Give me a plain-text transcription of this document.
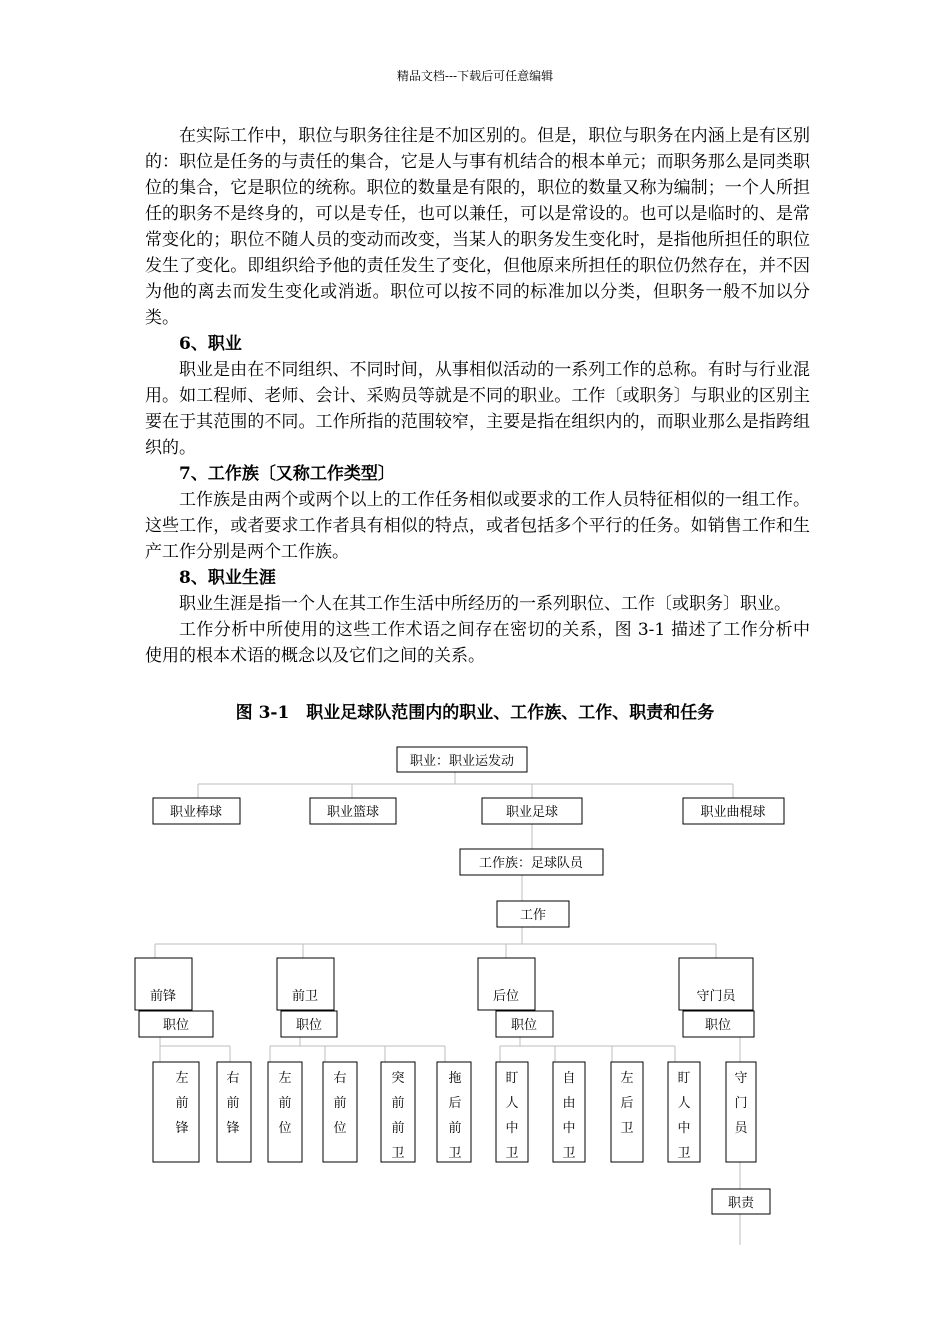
精品文档---下载后可任意编辑

在实际工作中，职位与职务往往是不加区别的。但是，职位与职务在内涵上是有区别的：职位是任务的与责任的集合，它是人与事有机结合的根本单元；而职务那么是同类职位的集合，它是职位的统称。职位的数量是有限的，职位的数量又称为编制；一个人所担任的职务不是终身的，可以是专任，也可以兼任，可以是常设的。也可以是临时的、是常常变化的；职位不随人员的变动而改变，当某人的职务发生变化时，是指他所担任的职位发生了变化。即组织给予他的责任发生了变化，但他原来所担任的职位仍然存在，并不因为他的离去而发生变化或消逝。职位可以按不同的标准加以分类，但职务一般不加以分类。

6、职业

职业是由在不同组织、不同时间，从事相似活动的一系列工作的总称。有时与行业混用。如工程师、老师、会计、采购员等就是不同的职业。工作〔或职务〕与职业的区别主要在于其范围的不同。工作所指的范围较窄，主要是指在组织内的，而职业那么是指跨组织的。

7、工作族〔又称工作类型〕

工作族是由两个或两个以上的工作任务相似或要求的工作人员特征相似的一组工作。这些工作，或者要求工作者具有相似的特点，或者包括多个平行的任务。如销售工作和生产工作分别是两个工作族。

8、职业生涯

职业生涯是指一个人在其工作生活中所经历的一系列职位、工作〔或职务〕职业。

工作分析中所使用的这些工作术语之间存在密切的关系，图 3-1 描述了工作分析中使用的根本术语的概念以及它们之间的关系。

图 3-1　职业足球队范围内的职业、工作族、工作、职责和任务
职业：职业运发动
职业棒球	职业篮球	职业足球	职业曲棍球
工作族：足球队员
工作
前锋	前卫	后位	守门员
职位	职位	职位	职位
左前锋
右前锋
左前位
右前位
突前前卫
拖后前卫
盯人中卫
自由中卫
左后卫
盯人中卫
守门员
职责
